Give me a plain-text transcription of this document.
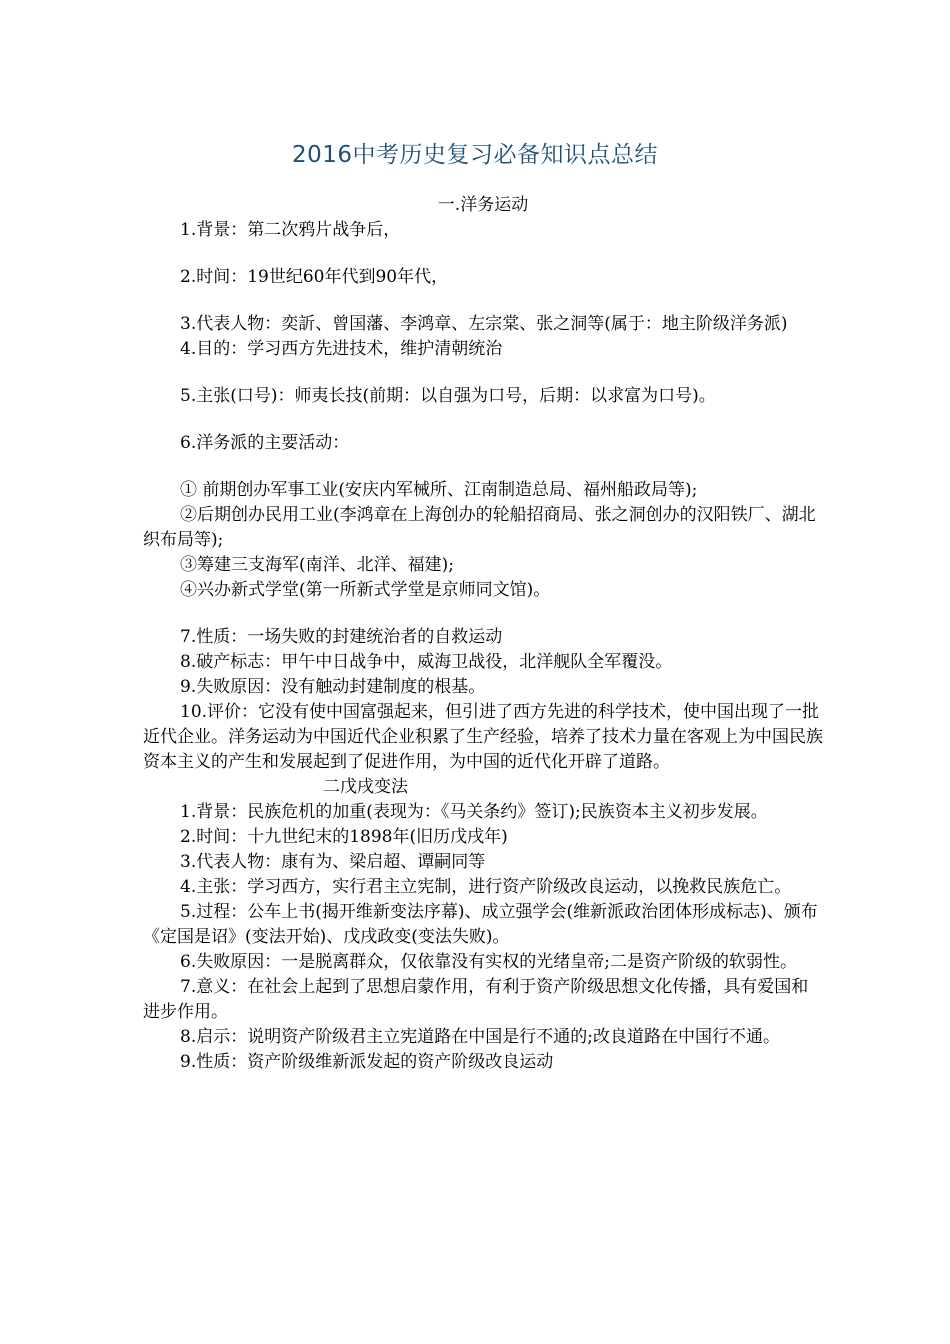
2016中考历史复习必备知识点总结
一.洋务运动

1.背景：第二次鸦片战争后，

2.时间：19世纪60年代到90年代，

3.代表人物：奕訢、曾国藩、李鸿章、左宗棠、张之洞等(属于：地主阶级洋务派)

4.目的：学习西方先进技术，维护清朝统治

5.主张(口号)：师夷长技(前期：以自强为口号，后期：以求富为口号)。

6.洋务派的主要活动：

① 前期创办军事工业(安庆内军械所、江南制造总局、福州船政局等);

②后期创办民用工业(李鸿章在上海创办的轮船招商局、张之洞创办的汉阳铁厂、湖北织布局等);

③筹建三支海军(南洋、北洋、福建);

④兴办新式学堂(第一所新式学堂是京师同文馆)。

7.性质：一场失败的封建统治者的自救运动

8.破产标志：甲午中日战争中，威海卫战役，北洋舰队全军覆没。

9.失败原因：没有触动封建制度的根基。

10.评价：它没有使中国富强起来，但引进了西方先进的科学技术，使中国出现了一批近代企业。洋务运动为中国近代企业积累了生产经验，培养了技术力量在客观上为中国民族资本主义的产生和发展起到了促进作用，为中国的近代化开辟了道路。

二戊戌变法

1.背景：民族危机的加重(表现为：《马关条约》签订);民族资本主义初步发展。

2.时间：十九世纪末的1898年(旧历戊戌年)

3.代表人物：康有为、梁启超、谭嗣同等

4.主张：学习西方，实行君主立宪制，进行资产阶级改良运动，以挽救民族危亡。

5.过程：公车上书(揭开维新变法序幕)、成立强学会(维新派政治团体形成标志)、颁布《定国是诏》(变法开始)、戊戌政变(变法失败)。

6.失败原因：一是脱离群众，仅依靠没有实权的光绪皇帝;二是资产阶级的软弱性。

7.意义：在社会上起到了思想启蒙作用，有利于资产阶级思想文化传播，具有爱国和进步作用。

8.启示：说明资产阶级君主立宪道路在中国是行不通的;改良道路在中国行不通。

9.性质：资产阶级维新派发起的资产阶级改良运动
